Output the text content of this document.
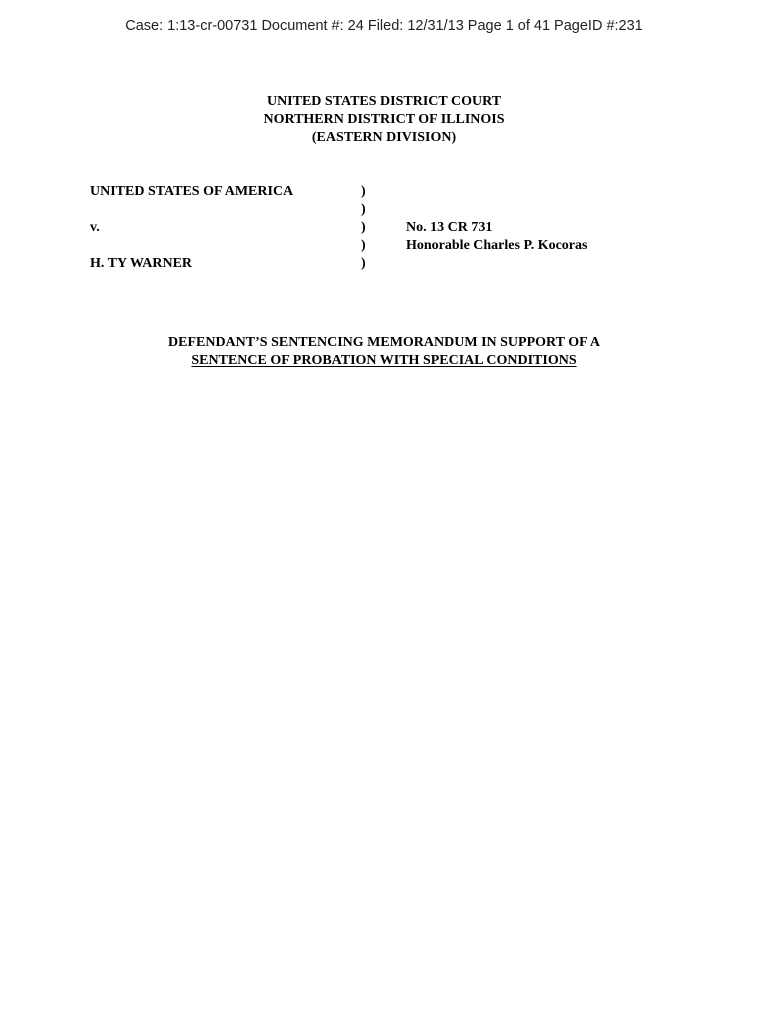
Case: 1:13-cr-00731 Document #: 24 Filed: 12/31/13 Page 1 of 41 PageID #:231
UNITED STATES DISTRICT COURT
NORTHERN DISTRICT OF ILLINOIS
(EASTERN DIVISION)
UNITED STATES OF AMERICA	)
)
v.	)	No. 13 CR 731
)	Honorable Charles P. Kocoras
H. TY WARNER	)
DEFENDANT’S SENTENCING MEMORANDUM IN SUPPORT OF A
SENTENCE OF PROBATION WITH SPECIAL CONDITIONS
